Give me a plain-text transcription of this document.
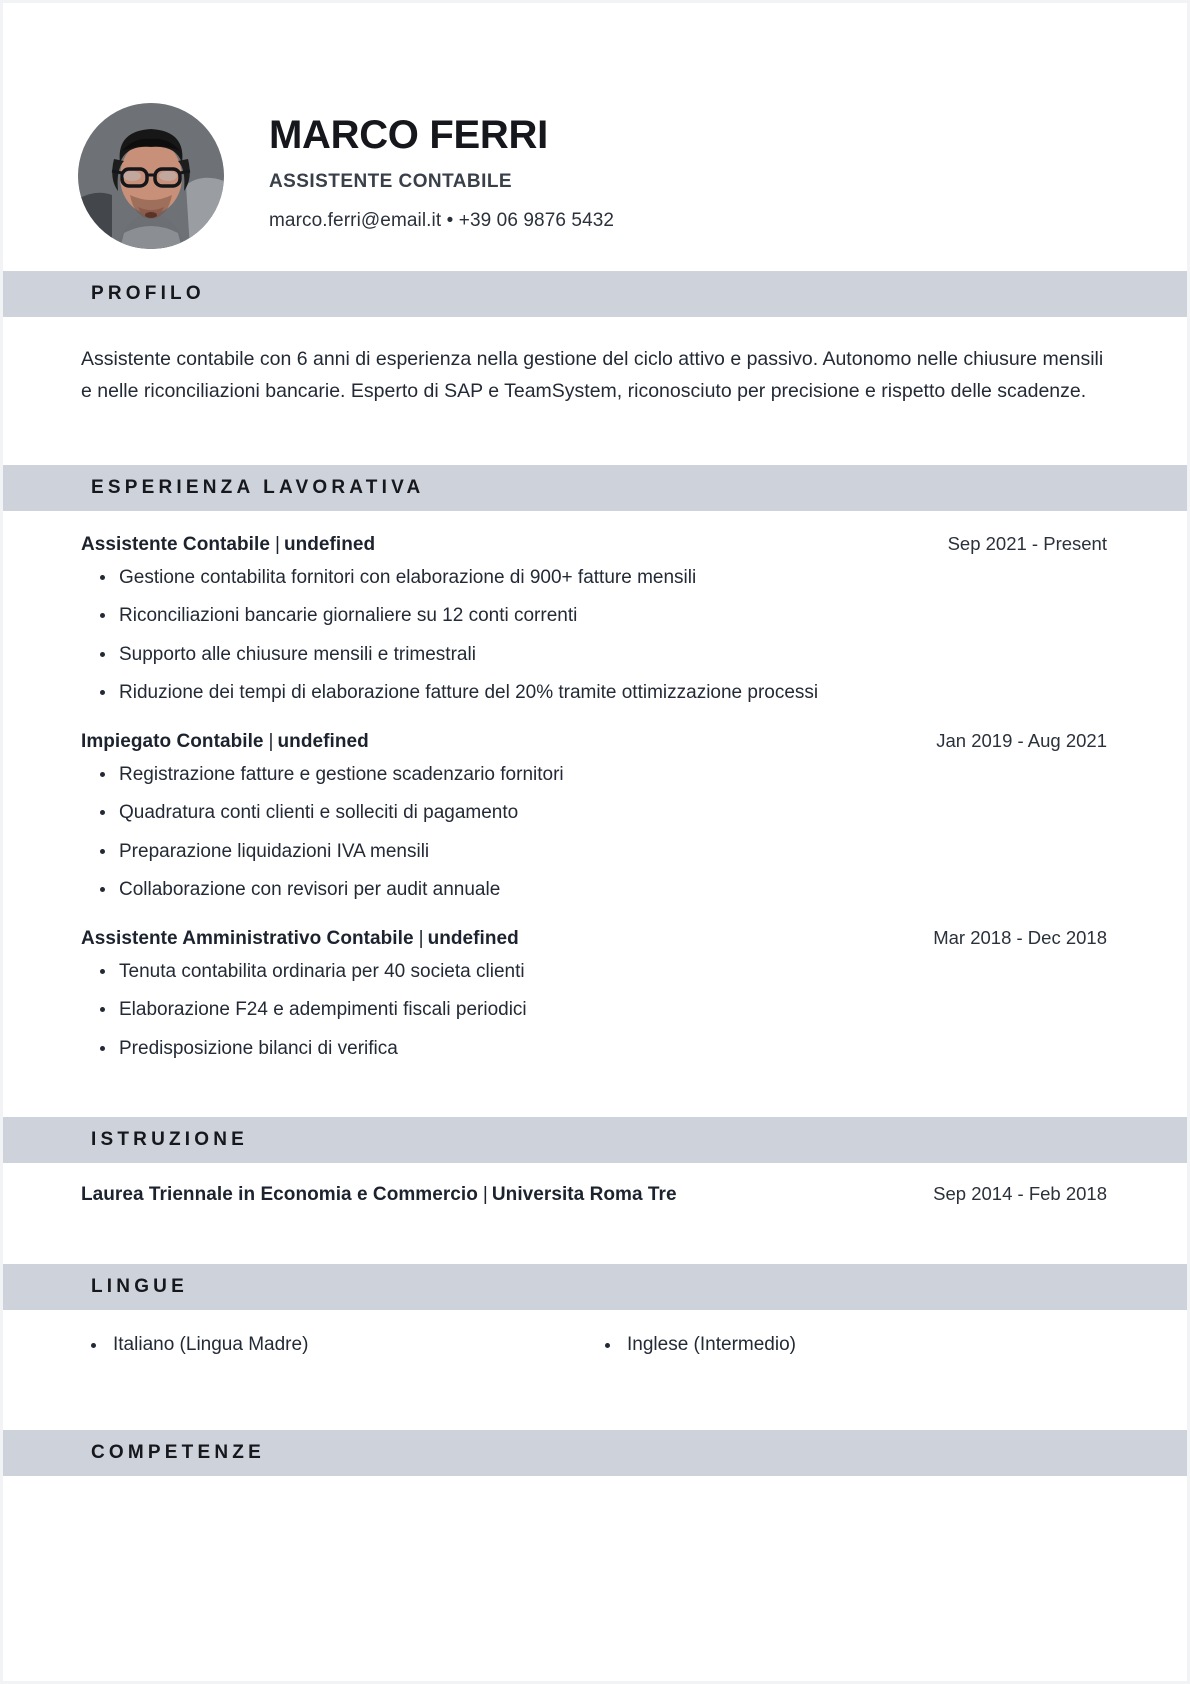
MARCO FERRI
ASSISTENTE CONTABILE
marco.ferri@email.it • +39 06 9876 5432
PROFILO
Assistente contabile con 6 anni di esperienza nella gestione del ciclo attivo e passivo. Autonomo nelle chiusure mensili e nelle riconciliazioni bancarie. Esperto di SAP e TeamSystem, riconosciuto per precisione e rispetto delle scadenze.
ESPERIENZA LAVORATIVA
Assistente Contabile | undefined	Sep 2021 - Present
Gestione contabilita fornitori con elaborazione di 900+ fatture mensili
Riconciliazioni bancarie giornaliere su 12 conti correnti
Supporto alle chiusure mensili e trimestrali
Riduzione dei tempi di elaborazione fatture del 20% tramite ottimizzazione processi
Impiegato Contabile | undefined	Jan 2019 - Aug 2021
Registrazione fatture e gestione scadenzario fornitori
Quadratura conti clienti e solleciti di pagamento
Preparazione liquidazioni IVA mensili
Collaborazione con revisori per audit annuale
Assistente Amministrativo Contabile | undefined	Mar 2018 - Dec 2018
Tenuta contabilita ordinaria per 40 societa clienti
Elaborazione F24 e adempimenti fiscali periodici
Predisposizione bilanci di verifica
ISTRUZIONE
Laurea Triennale in Economia e Commercio | Universita Roma Tre	Sep 2014 - Feb 2018
LINGUE
Italiano (Lingua Madre)	Inglese (Intermedio)
COMPETENZE
